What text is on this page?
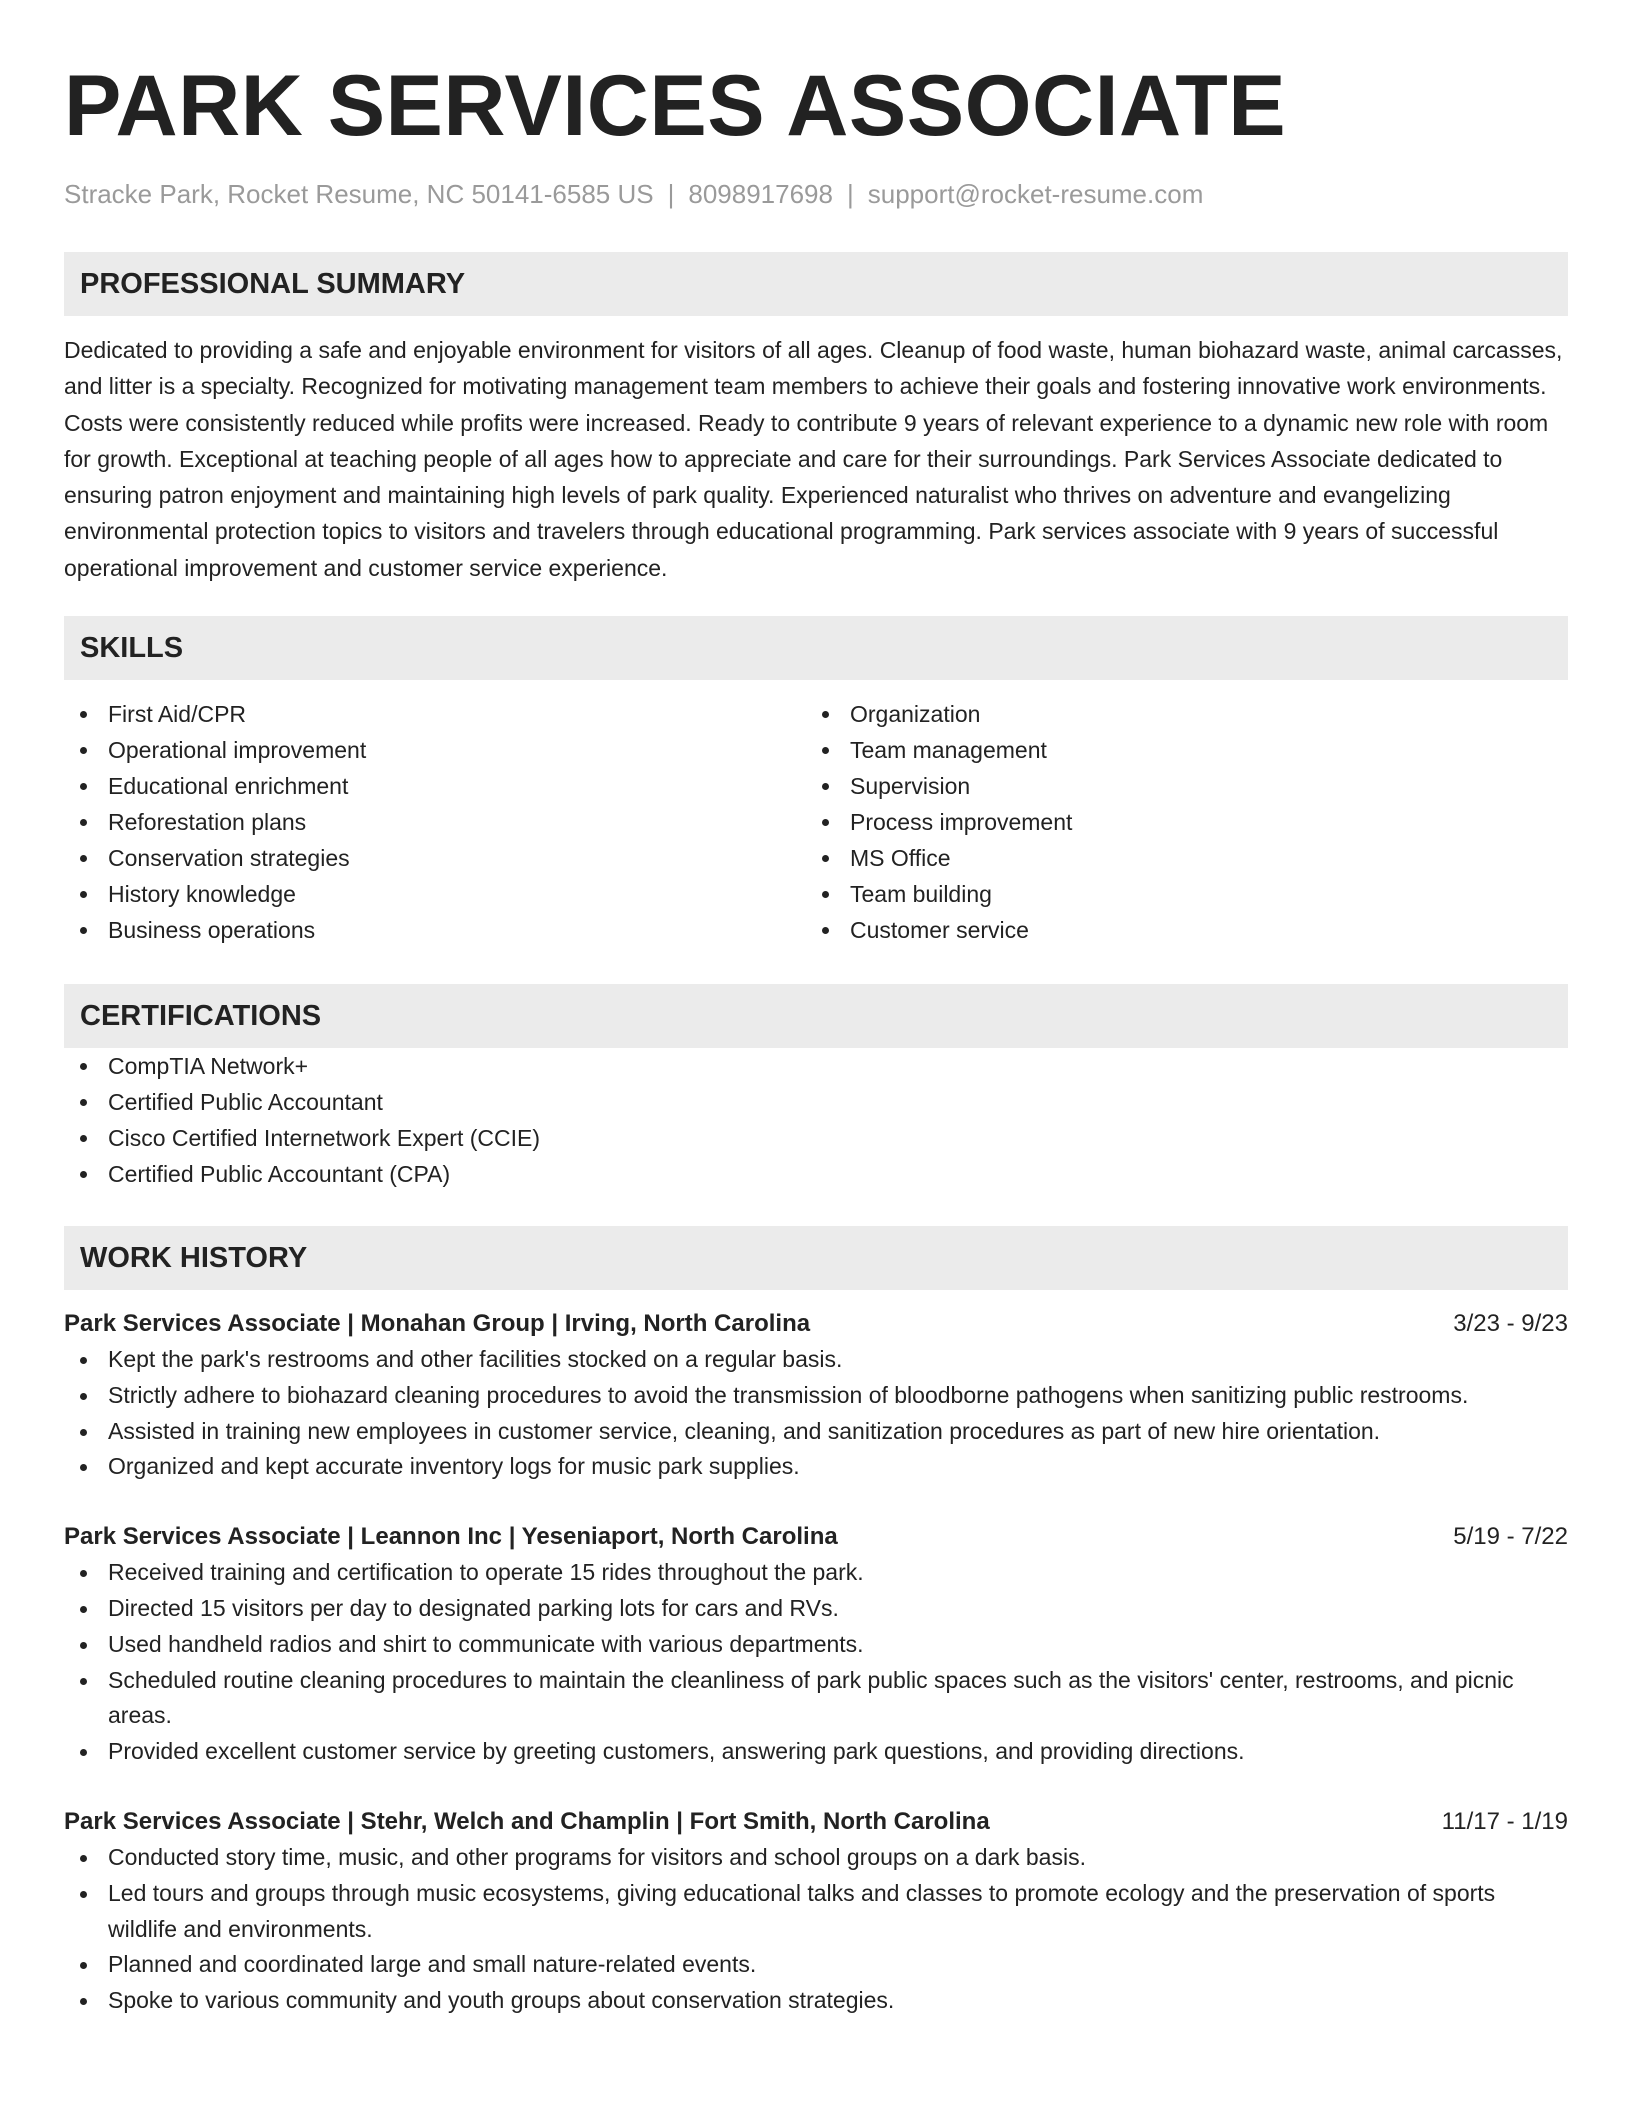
PARK SERVICES ASSOCIATE
Stracke Park, Rocket Resume, NC 50141-6585 US | 8098917698 | support@rocket-resume.com
PROFESSIONAL SUMMARY
Dedicated to providing a safe and enjoyable environment for visitors of all ages. Cleanup of food waste, human biohazard waste, animal carcasses, and litter is a specialty. Recognized for motivating management team members to achieve their goals and fostering innovative work environments. Costs were consistently reduced while profits were increased. Ready to contribute 9 years of relevant experience to a dynamic new role with room for growth. Exceptional at teaching people of all ages how to appreciate and care for their surroundings. Park Services Associate dedicated to ensuring patron enjoyment and maintaining high levels of park quality. Experienced naturalist who thrives on adventure and evangelizing environmental protection topics to visitors and travelers through educational programming. Park services associate with 9 years of successful operational improvement and customer service experience.
SKILLS
First Aid/CPR
Operational improvement
Educational enrichment
Reforestation plans
Conservation strategies
History knowledge
Business operations
Organization
Team management
Supervision
Process improvement
MS Office
Team building
Customer service
CERTIFICATIONS
CompTIA Network+
Certified Public Accountant
Cisco Certified Internetwork Expert (CCIE)
Certified Public Accountant (CPA)
WORK HISTORY
Park Services Associate | Monahan Group | Irving, North Carolina	3/23 - 9/23
Kept the park's restrooms and other facilities stocked on a regular basis.
Strictly adhere to biohazard cleaning procedures to avoid the transmission of bloodborne pathogens when sanitizing public restrooms.
Assisted in training new employees in customer service, cleaning, and sanitization procedures as part of new hire orientation.
Organized and kept accurate inventory logs for music park supplies.
Park Services Associate | Leannon Inc | Yeseniaport, North Carolina	5/19 - 7/22
Received training and certification to operate 15 rides throughout the park.
Directed 15 visitors per day to designated parking lots for cars and RVs.
Used handheld radios and shirt to communicate with various departments.
Scheduled routine cleaning procedures to maintain the cleanliness of park public spaces such as the visitors' center, restrooms, and picnic areas.
Provided excellent customer service by greeting customers, answering park questions, and providing directions.
Park Services Associate | Stehr, Welch and Champlin | Fort Smith, North Carolina	11/17 - 1/19
Conducted story time, music, and other programs for visitors and school groups on a dark basis.
Led tours and groups through music ecosystems, giving educational talks and classes to promote ecology and the preservation of sports wildlife and environments.
Planned and coordinated large and small nature-related events.
Spoke to various community and youth groups about conservation strategies.
